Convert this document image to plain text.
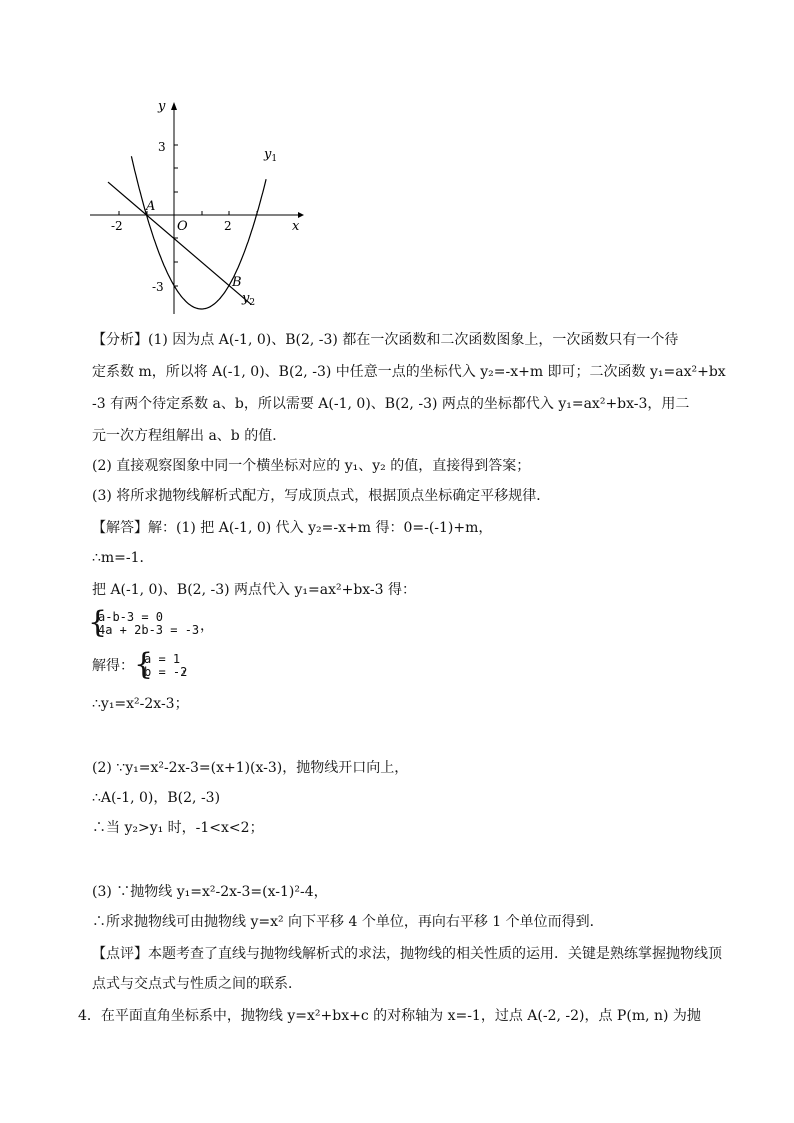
y
x
3
-3
-2	2
O
A
B
$y_1$
$y_2$
【分析】(1) 因为点 A(-1, 0)、B(2, -3) 都在一次函数和二次函数图象上，一次函数只有一个待
定系数 m，所以将 A(-1, 0)、B(2, -3) 中任意一点的坐标代入 y₂=-x+m 即可；二次函数 y₁=ax²+bx
-3 有两个待定系数 a、b，所以需要 A(-1, 0)、B(2, -3) 两点的坐标都代入 y₁=ax²+bx-3，用二
元一次方程组解出 a、b 的值．
(2) 直接观察图象中同一个横坐标对应的 y₁、y₂ 的值，直接得到答案；
(3) 将所求抛物线解析式配方，写成顶点式，根据顶点坐标确定平移规律．
【解答】解：(1) 把 A(-1, 0) 代入 y₂=-x+m 得：0=-(-1)+m，
∴m=-1．
把 A(-1, 0)、B(2, -3) 两点代入 y₁=ax²+bx-3 得：
{
a-b-3 = 0
4a + 2b-3 = -3 ，
解得： {
a = 1
b = -2
，
∴y₁=x²-2x-3；
(2) ∵y₁=x²-2x-3=(x+1)(x-3)，抛物线开口向上，
∴A(-1, 0)，B(2, -3)
∴当 y₂>y₁ 时，-1<x<2；
(3) ∵抛物线 y₁=x²-2x-3=(x-1)²-4，
∴所求抛物线可由抛物线 y=x² 向下平移 4 个单位，再向右平移 1 个单位而得到．
【点评】本题考查了直线与抛物线解析式的求法，抛物线的相关性质的运用．关键是熟练掌握抛物线顶
点式与交点式与性质之间的联系．
4．在平面直角坐标系中，抛物线 y=x²+bx+c 的对称轴为 x=-1，过点 A(-2, -2)，点 P(m, n) 为抛
